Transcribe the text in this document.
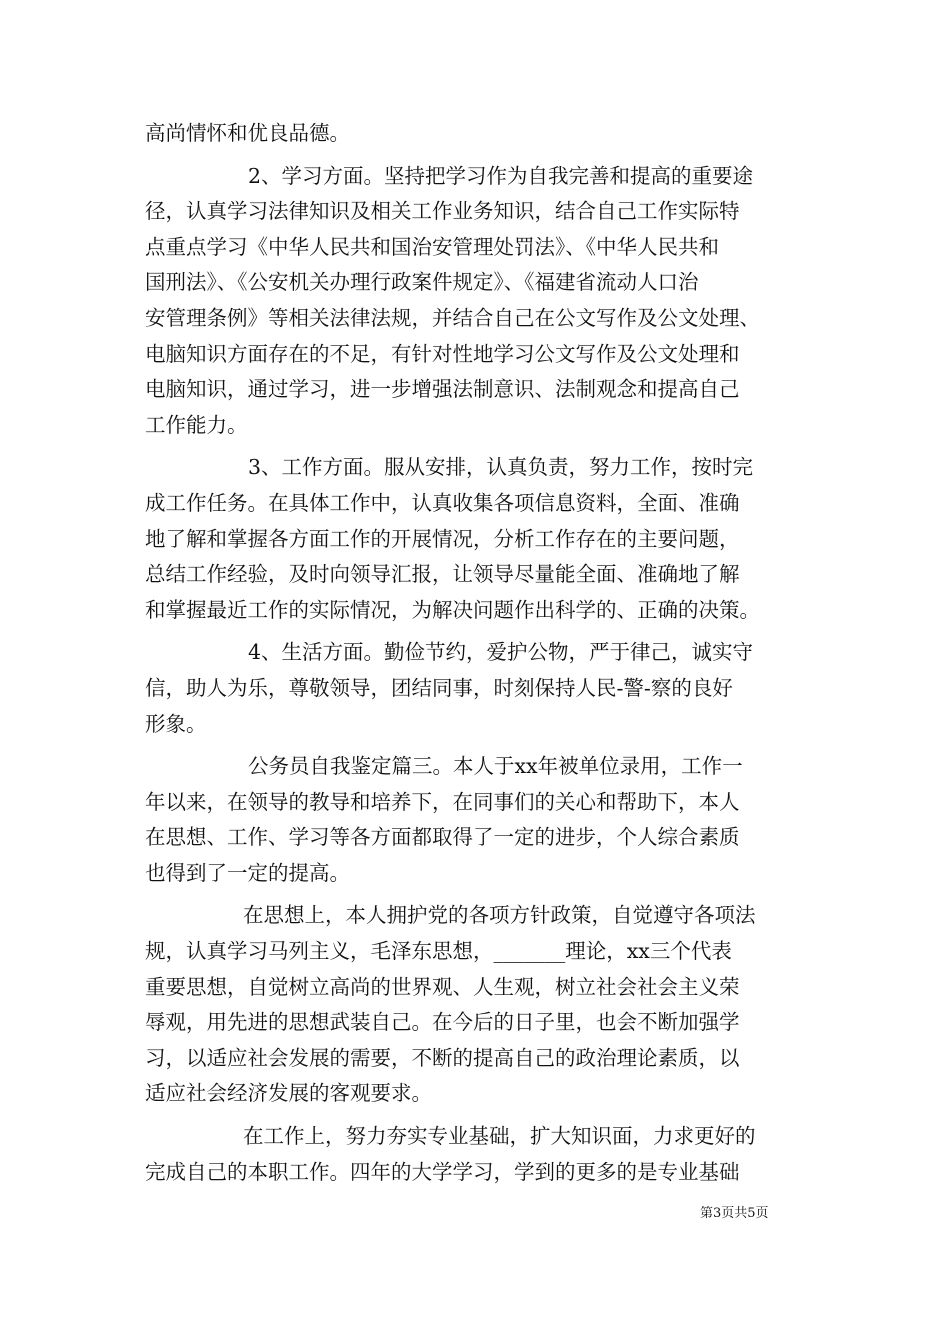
高尚情怀和优良品德。
2、学习方面。坚持把学习作为自我完善和提高的重要途
径，认真学习法律知识及相关工作业务知识，结合自己工作实际特
点重点学习《中华人民共和国治安管理处罚法》、《中华人民共和
国刑法》、《公安机关办理行政案件规定》、《福建省流动人口治
安管理条例》等相关法律法规，并结合自己在公文写作及公文处理、
电脑知识方面存在的不足，有针对性地学习公文写作及公文处理和
电脑知识，通过学习，进一步增强法制意识、法制观念和提高自己
工作能力。
3、工作方面。服从安排，认真负责，努力工作，按时完
成工作任务。在具体工作中，认真收集各项信息资料，全面、准确
地了解和掌握各方面工作的开展情况，分析工作存在的主要问题，
总结工作经验，及时向领导汇报，让领导尽量能全面、准确地了解
和掌握最近工作的实际情况，为解决问题作出科学的、正确的决策。
4、生活方面。勤俭节约，爱护公物，严于律己，诚实守
信，助人为乐，尊敬领导，团结同事，时刻保持人民-警-察的良好
形象。
公务员自我鉴定篇三。本人于xx年被单位录用，工作一
年以来，在领导的教导和培养下，在同事们的关心和帮助下，本人
在思想、工作、学习等各方面都取得了一定的进步，个人综合素质
也得到了一定的提高。
在思想上，本人拥护党的各项方针政策，自觉遵守各项法
规，认真学习马列主义，毛泽东思想，_______理论，xx三个代表
重要思想，自觉树立高尚的世界观、人生观，树立社会社会主义荣
辱观，用先进的思想武装自己。在今后的日子里，也会不断加强学
习，以适应社会发展的需要，不断的提高自己的政治理论素质，以
适应社会经济发展的客观要求。
在工作上，努力夯实专业基础，扩大知识面，力求更好的
完成自己的本职工作。四年的大学学习，学到的更多的是专业基础
第3页共5页
